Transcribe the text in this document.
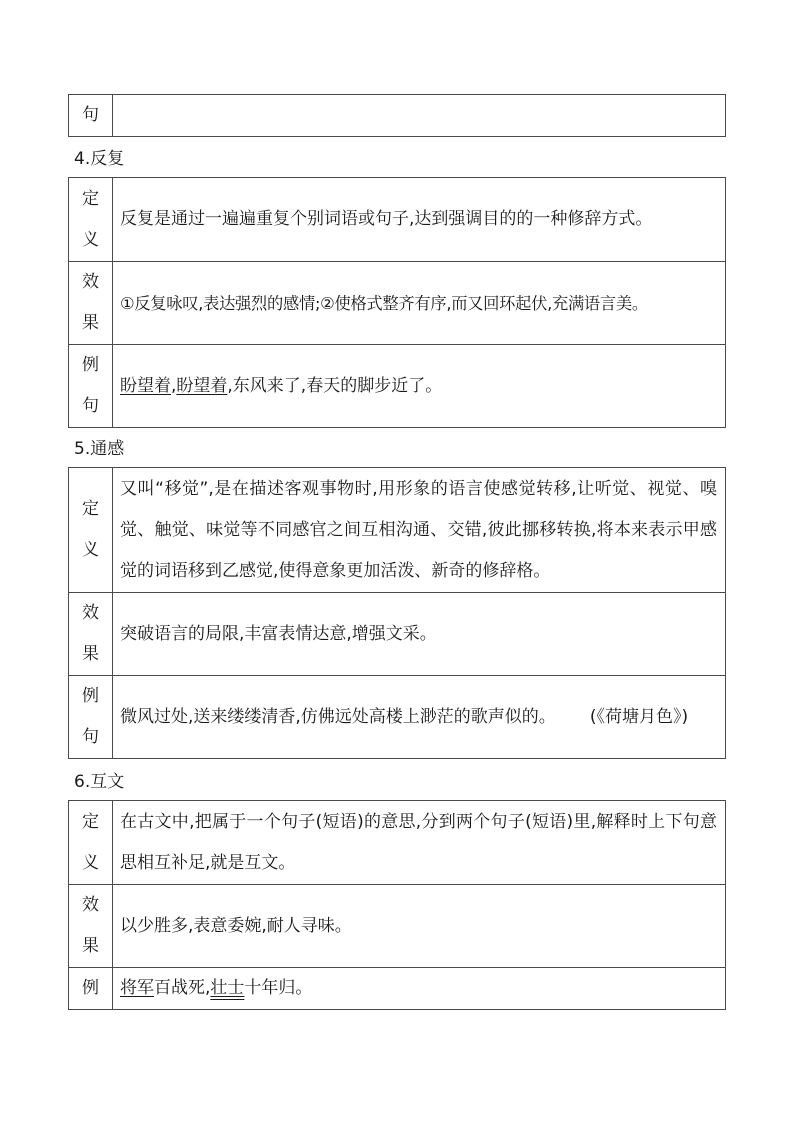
句

4.反复
定
义	反复是通过一遍遍重复个别词语或句子,达到强调目的的一种修辞方式。

效
果	①反复咏叹,表达强烈的感情;②使格式整齐有序,而又回环起伏,充满语言美。

例
句	盼望着,盼望着,东风来了,春天的脚步近了。
5.通感
定
义	又叫“移觉”,是在描述客观事物时,用形象的语言使感觉转移,让听觉、视觉、嗅觉、触觉、味觉等不同感官之间互相沟通、交错,彼此挪移转换,将本来表示甲感觉的词语移到乙感觉,使得意象更加活泼、新奇的修辞格。

效
果	突破语言的局限,丰富表情达意,增强文采。

例
句	微风过处,送来缕缕清香,仿佛远处高楼上渺茫的歌声似的。 (《荷塘月色》)
6.互文
定
义	在古文中,把属于一个句子(短语)的意思,分到两个句子(短语)里,解释时上下句意思相互补足,就是互文。

效
果	以少胜多,表意委婉,耐人寻味。

例	将军百战死,壮士十年归。
